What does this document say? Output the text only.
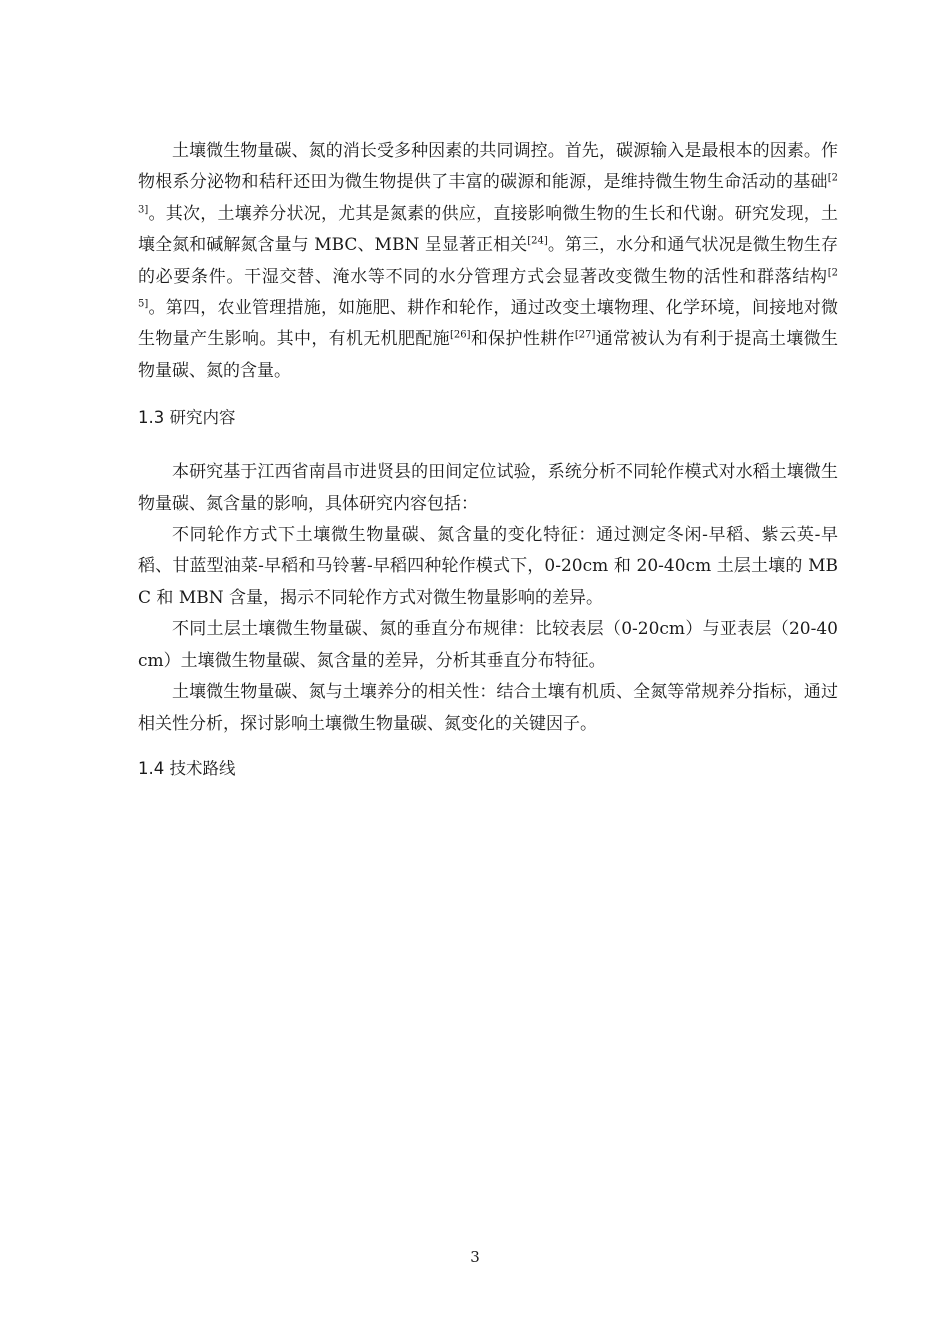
土壤微生物量碳、氮的消长受多种因素的共同调控。首先，碳源输入是最根本的因素。作物根系分泌物和秸秆还田为微生物提供了丰富的碳源和能源，是维持微生物生命活动的基础[23]。其次，土壤养分状况，尤其是氮素的供应，直接影响微生物的生长和代谢。研究发现，土壤全氮和碱解氮含量与 MBC、MBN 呈显著正相关[24]。第三，水分和通气状况是微生物生存的必要条件。干湿交替、淹水等不同的水分管理方式会显著改变微生物的活性和群落结构[25]。第四，农业管理措施，如施肥、耕作和轮作，通过改变土壤物理、化学环境，间接地对微生物量产生影响。其中，有机无机肥配施[26]和保护性耕作[27]通常被认为有利于提高土壤微生物量碳、氮的含量。

1.3 研究内容

本研究基于江西省南昌市进贤县的田间定位试验，系统分析不同轮作模式对水稻土壤微生物量碳、氮含量的影响，具体研究内容包括：

不同轮作方式下土壤微生物量碳、氮含量的变化特征：通过测定冬闲-早稻、紫云英-早稻、甘蓝型油菜-早稻和马铃薯-早稻四种轮作模式下，0-20cm 和 20-40cm 土层土壤的 MBC 和 MBN 含量，揭示不同轮作方式对微生物量影响的差异。

不同土层土壤微生物量碳、氮的垂直分布规律：比较表层（0-20cm）与亚表层（20-40cm）土壤微生物量碳、氮含量的差异，分析其垂直分布特征。

土壤微生物量碳、氮与土壤养分的相关性：结合土壤有机质、全氮等常规养分指标，通过相关性分析，探讨影响土壤微生物量碳、氮变化的关键因子。

1.4 技术路线
3
